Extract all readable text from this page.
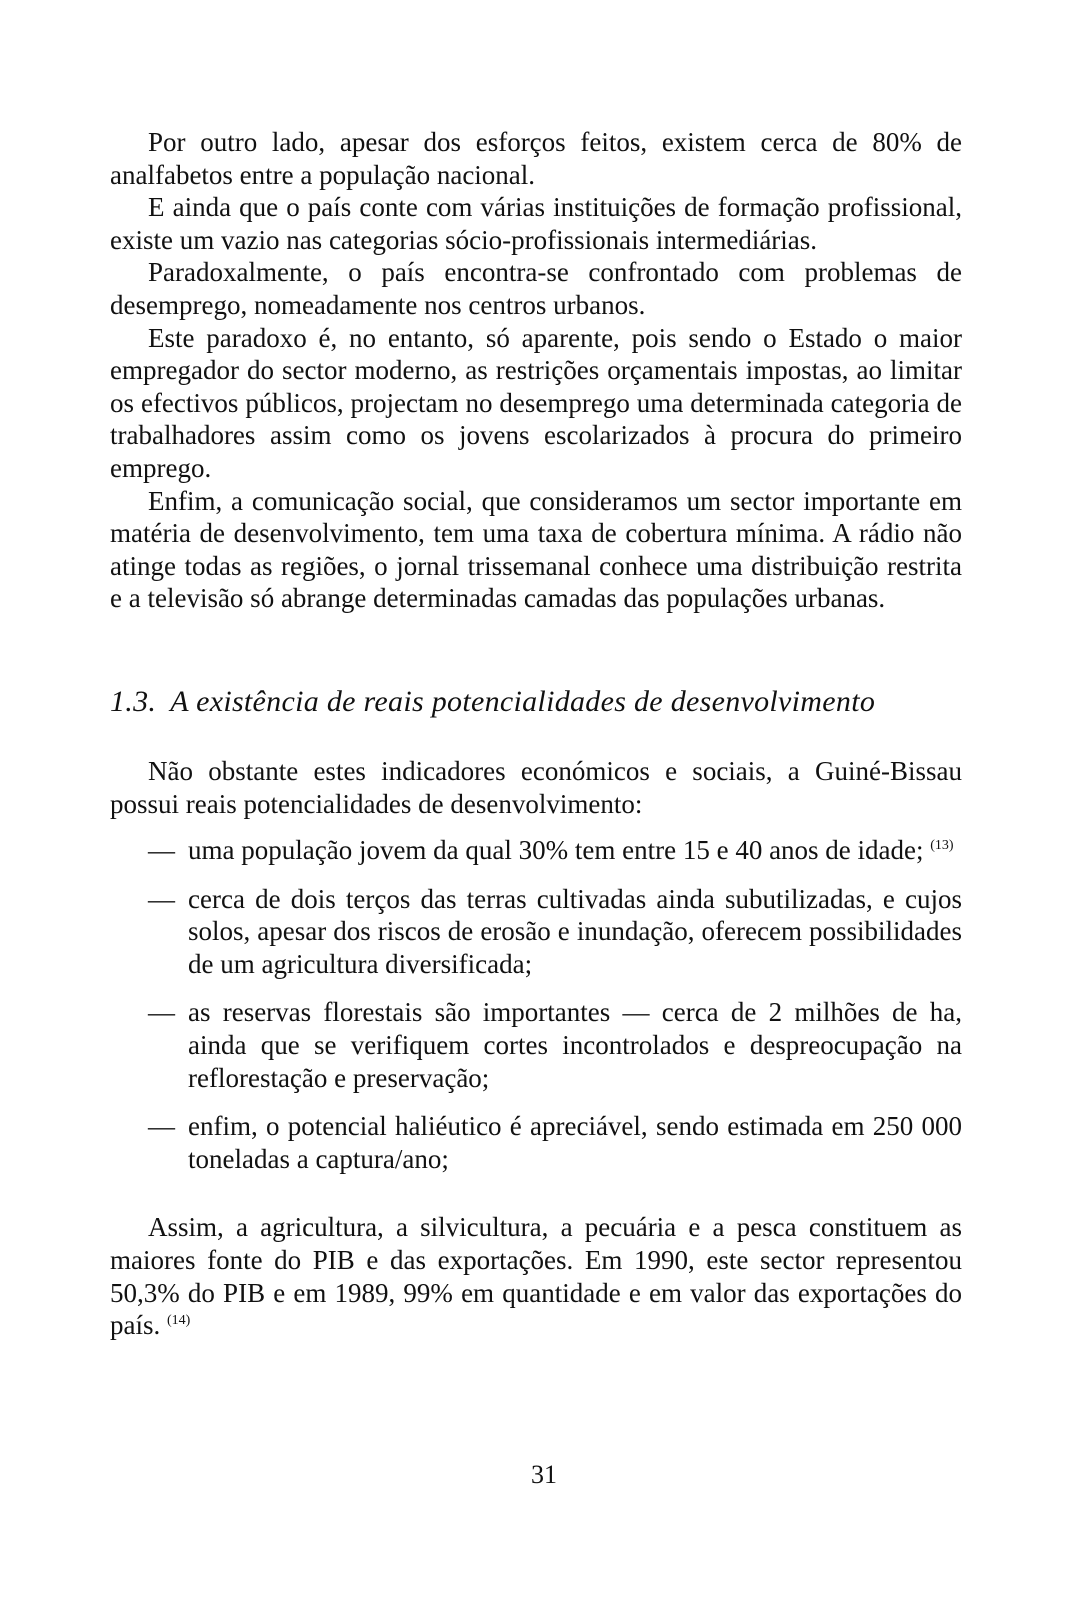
Por outro lado, apesar dos esforços feitos, existem cerca de 80% de analfabetos entre a população nacional.

E ainda que o país conte com várias instituições de formação profissional, existe um vazio nas categorias sócio-profissionais intermediárias.

Paradoxalmente, o país encontra-se confrontado com problemas de desemprego, nomeadamente nos centros urbanos.

Este paradoxo é, no entanto, só aparente, pois sendo o Estado o maior empregador do sector moderno, as restrições orçamentais impostas, ao limitar os efectivos públicos, projectam no desemprego uma determinada categoria de trabalhadores assim como os jovens escolarizados à procura do primeiro emprego.

Enfim, a comunicação social, que consideramos um sector importante em matéria de desenvolvimento, tem uma taxa de cobertura mínima. A rádio não atinge todas as regiões, o jornal trissemanal conhece uma distribuição restrita e a televisão só abrange determinadas camadas das populações urbanas.

1.3. A existência de reais potencialidades de desenvolvimento

Não obstante estes indicadores económicos e sociais, a Guiné-Bissau possui reais potencialidades de desenvolvimento:

— uma população jovem da qual 30% tem entre 15 e 40 anos de idade; $^{(13)}$
— cerca de dois terços das terras cultivadas ainda subutilizadas, e cujos solos, apesar dos riscos de erosão e inundação, oferecem possibilidades de um agricultura diversificada;
— as reservas florestais são importantes — cerca de 2 milhões de ha, ainda que se verifiquem cortes incontrolados e despreocupação na reflorestação e preservação;
— enfim, o potencial haliéutico é apreciável, sendo estimada em 250 000 toneladas a captura/ano;

Assim, a agricultura, a silvicultura, a pecuária e a pesca constituem as maiores fonte do PIB e das exportações. Em 1990, este sector representou 50,3% do PIB e em 1989, 99% em quantidade e em valor das exportações do país. $^{(14)}$

31
